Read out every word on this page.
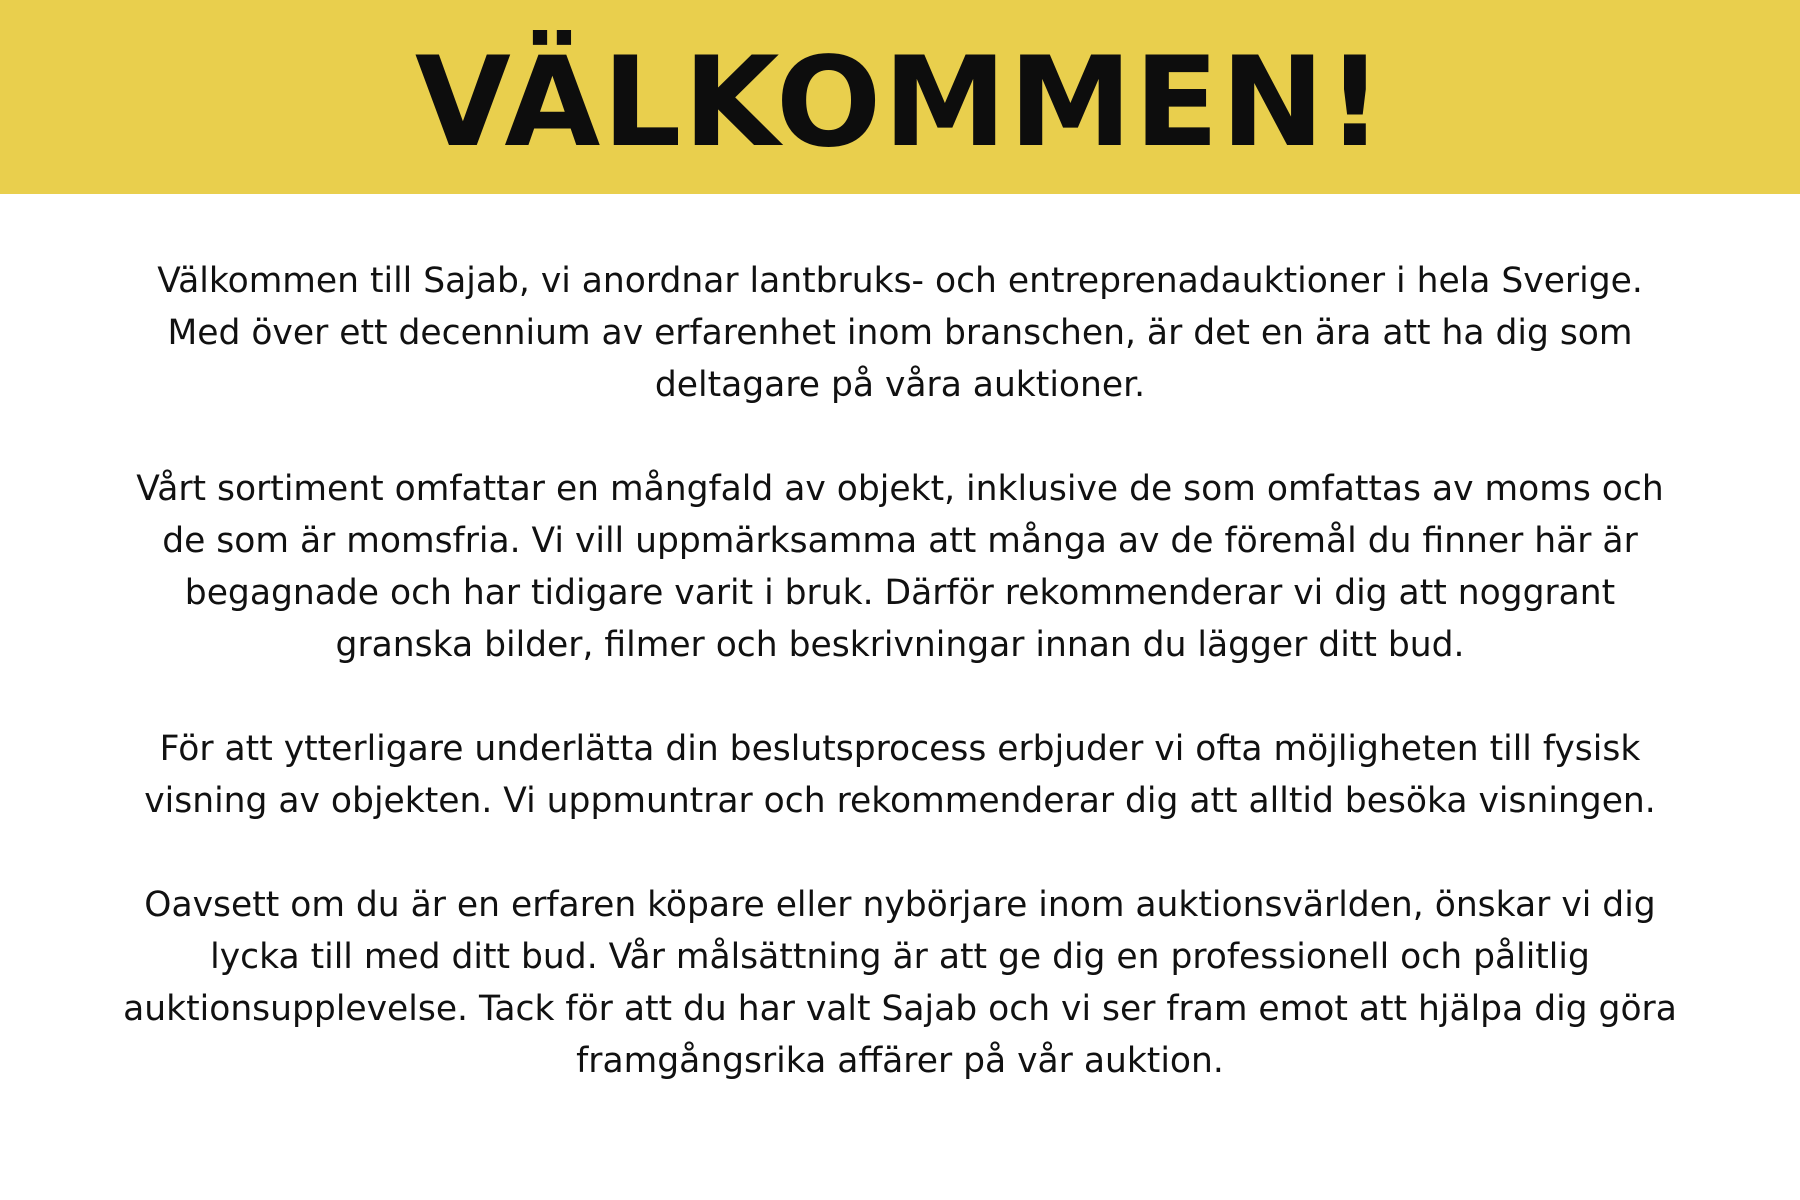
VÄLKOMMEN!

Välkommen till Sajab, vi anordnar lantbruks- och entreprenadauktioner i hela Sverige.
Med över ett decennium av erfarenhet inom branschen, är det en ära att ha dig som
deltagare på våra auktioner.

Vårt sortiment omfattar en mångfald av objekt, inklusive de som omfattas av moms och
de som är momsfria. Vi vill uppmärksamma att många av de föremål du finner här är
begagnade och har tidigare varit i bruk. Därför rekommenderar vi dig att noggrant
granska bilder, filmer och beskrivningar innan du lägger ditt bud.

För att ytterligare underlätta din beslutsprocess erbjuder vi ofta möjligheten till fysisk
visning av objekten. Vi uppmuntrar och rekommenderar dig att alltid besöka visningen.

Oavsett om du är en erfaren köpare eller nybörjare inom auktionsvärlden, önskar vi dig
lycka till med ditt bud. Vår målsättning är att ge dig en professionell och pålitlig
auktionsupplevelse. Tack för att du har valt Sajab och vi ser fram emot att hjälpa dig göra
framgångsrika affärer på vår auktion.
